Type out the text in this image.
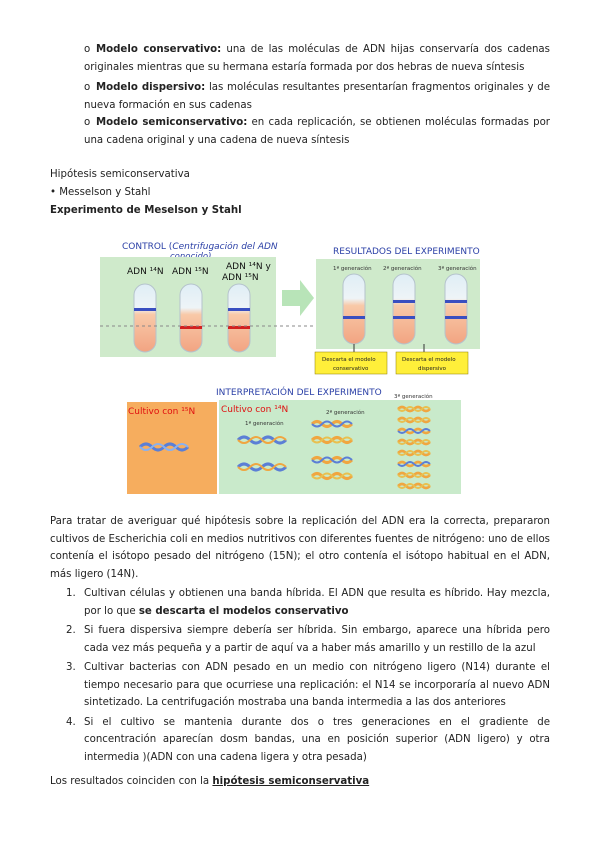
o Modelo conservativo: una de las moléculas de ADN hijas conservaría dos cadenas originales mientras que su hermana estaría formada por dos hebras de nueva síntesis
o Modelo dispersivo: las moléculas resultantes presentarían fragmentos originales y de nueva formación en sus cadenas
o Modelo semiconservativo: en cada replicación, se obtienen moléculas formadas por una cadena original y una cadena de nueva síntesis
Hipótesis semiconservativa
• Messelson y Stahl
Experimento de Meselson y Stahl
CONTROL (Centrifugación del ADN
ADN ¹⁴N ADN ¹⁵N ADN ¹⁴N y
ADN ¹⁵N
RESULTADOS DEL EXPERIMENTO
1ª generación 2ª generación	3ª generación
Descarta el modelo
conservativo
Descarta el modelo
dispersivo
INTERPRETACIÓN DEL EXPERIMENTO 3ª generación
Cultivo con ¹⁵N	Cultivo con ¹⁴N
1ª generación
2ª generación
Para tratar de averiguar qué hipótesis sobre la replicación del ADN era la correcta, prepararon cultivos de Escherichia coli en medios nutritivos con diferentes fuentes de nitrógeno: uno de ellos contenía el isótopo pesado del nitrógeno (15N); el otro contenía el isótopo habitual en el ADN, más ligero (14N).
1. Cultivan células y obtienen una banda híbrida. El ADN que resulta es híbrido. Hay mezcla, por lo que se descarta el modelos conservativo
2. Si fuera dispersiva siempre debería ser híbrida. Sin embargo, aparece una híbrida pero cada vez más pequeña y a partir de aquí va a haber más amarillo y un restillo de la azul
3. Cultivar bacterias con ADN pesado en un medio con nitrógeno ligero (N14) durante el tiempo necesario para que ocurriese una replicación: el N14 se incorporaría al nuevo ADN sintetizado. La centrifugación mostraba una banda intermedia a las dos anteriores
4. Si el cultivo se mantenia durante dos o tres generaciones en el gradiente de concentración aparecían dosm bandas, una en posición superior (ADN ligero) y otra intermedia )(ADN con una cadena ligera y otra pesada)
Los resultados coinciden con la hipótesis semiconservativa
